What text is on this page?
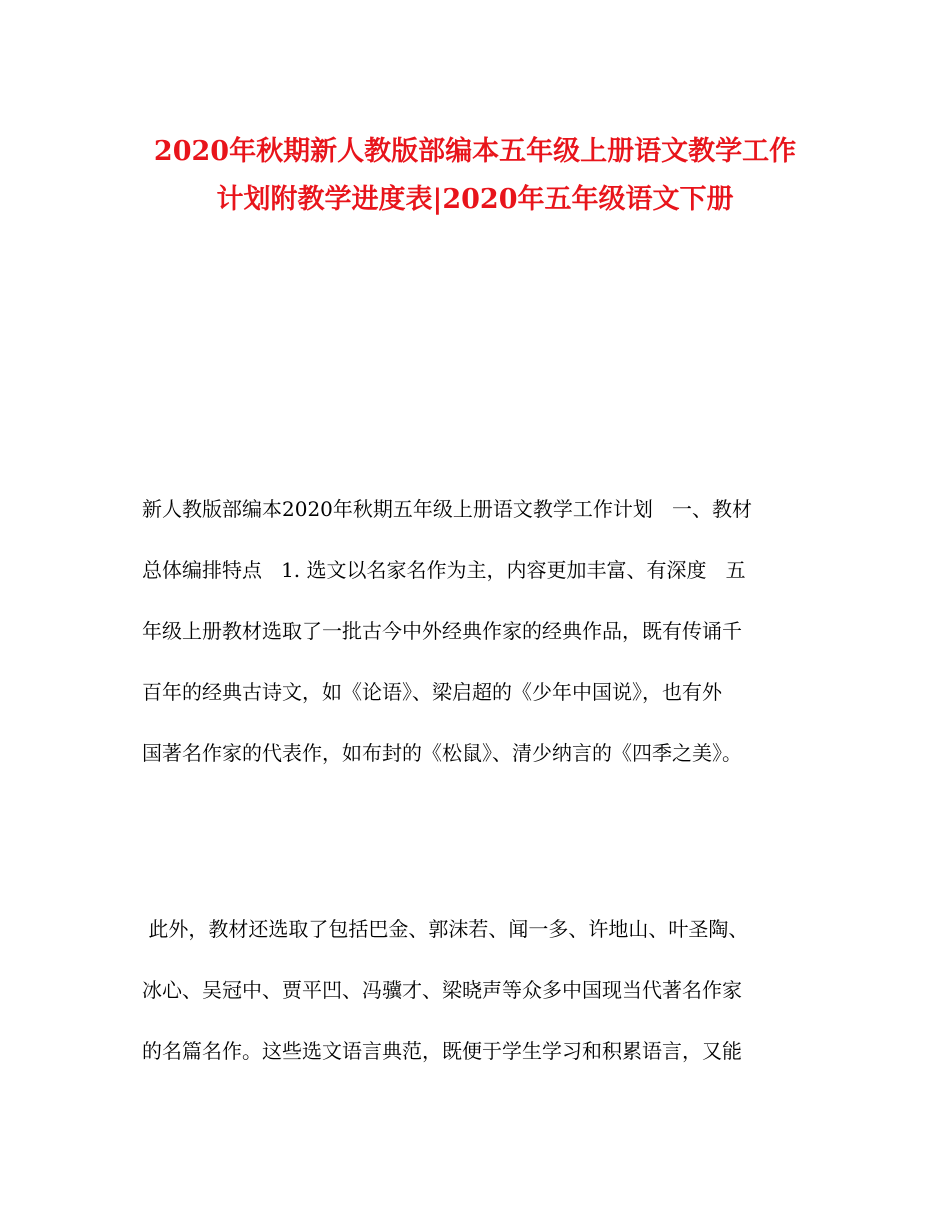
2020年秋期新人教版部编本五年级上册语文教学工作
计划附教学进度表|2020年五年级语文下册
新人教版部编本2020年秋期五年级上册语文教学工作计划   一、教材
总体编排特点   1. 选文以名家名作为主，内容更加丰富、有深度   五
年级上册教材选取了一批古今中外经典作家的经典作品，既有传诵千
百年的经典古诗文，如《论语》、梁启超的《少年中国说》，也有外
国著名作家的代表作，如布封的《松鼠》、清少纳言的《四季之美》。
此外，教材还选取了包括巴金、郭沫若、闻一多、许地山、叶圣陶、
冰心、吴冠中、贾平凹、冯骥才、梁晓声等众多中国现当代著名作家
的名篇名作。这些选文语言典范，既便于学生学习和积累语言，又能
